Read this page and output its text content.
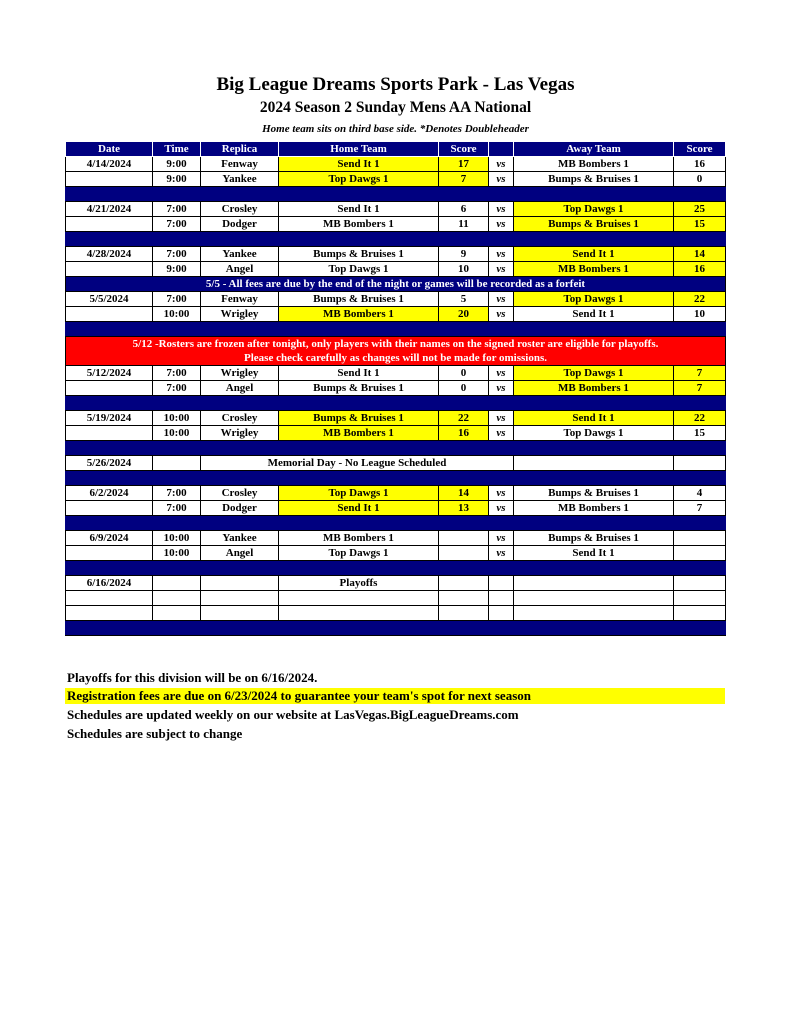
Big League Dreams Sports Park - Las Vegas
2024 Season 2 Sunday Mens AA National
Home team sits on third base side. *Denotes Doubleheader
Date	Time	Replica	Home Team	Score		Away Team	Score
4/14/2024	9:00	Fenway	Send It 1	17	vs	MB Bombers 1	16
	9:00	Yankee	Top Dawgs 1	7	vs	Bumps & Bruises 1	0

4/21/2024	7:00	Crosley	Send It 1	6	vs	Top Dawgs 1	25
	7:00	Dodger	MB Bombers 1	11	vs	Bumps & Bruises 1	15

4/28/2024	7:00	Yankee	Bumps & Bruises 1	9	vs	Send It 1	14
	9:00	Angel	Top Dawgs 1	10	vs	MB Bombers 1	16
5/5 - All fees are due by the end of the night or games will be recorded as a forfeit							
5/5/2024	7:00	Fenway	Bumps & Bruises 1	5	vs	Top Dawgs 1	22
	10:00	Wrigley	MB Bombers 1	20	vs	Send It 1	10

5/12 -Rosters are frozen after tonight, only players with their names on the signed roster are eligible for playoffs.
Please check carefully as changes will not be made for omissions.							

5/12/2024	7:00	Wrigley	Send It 1	0	vs	Top Dawgs 1	7
	7:00	Angel	Bumps & Bruises 1	0	vs	MB Bombers 1	7

5/19/2024	10:00	Crosley	Bumps & Bruises 1	22	vs	Send It 1	22
	10:00	Wrigley	MB Bombers 1	16	vs	Top Dawgs 1	15

5/26/2024		Memorial Day - No League Scheduled					

6/2/2024	7:00	Crosley	Top Dawgs 1	14	vs	Bumps & Bruises 1	4
	7:00	Dodger	Send It 1	13	vs	MB Bombers 1	7

6/9/2024	10:00	Yankee	MB Bombers 1		vs	Bumps & Bruises 1	
	10:00	Angel	Top Dawgs 1		vs	Send It 1	

6/16/2024			Playoffs				

Playoffs for this division will be on 6/16/2024.
Registration fees are due on 6/23/2024 to guarantee your team's spot for next season
Schedules are updated weekly on our website at LasVegas.BigLeagueDreams.com
Schedules are subject to change
